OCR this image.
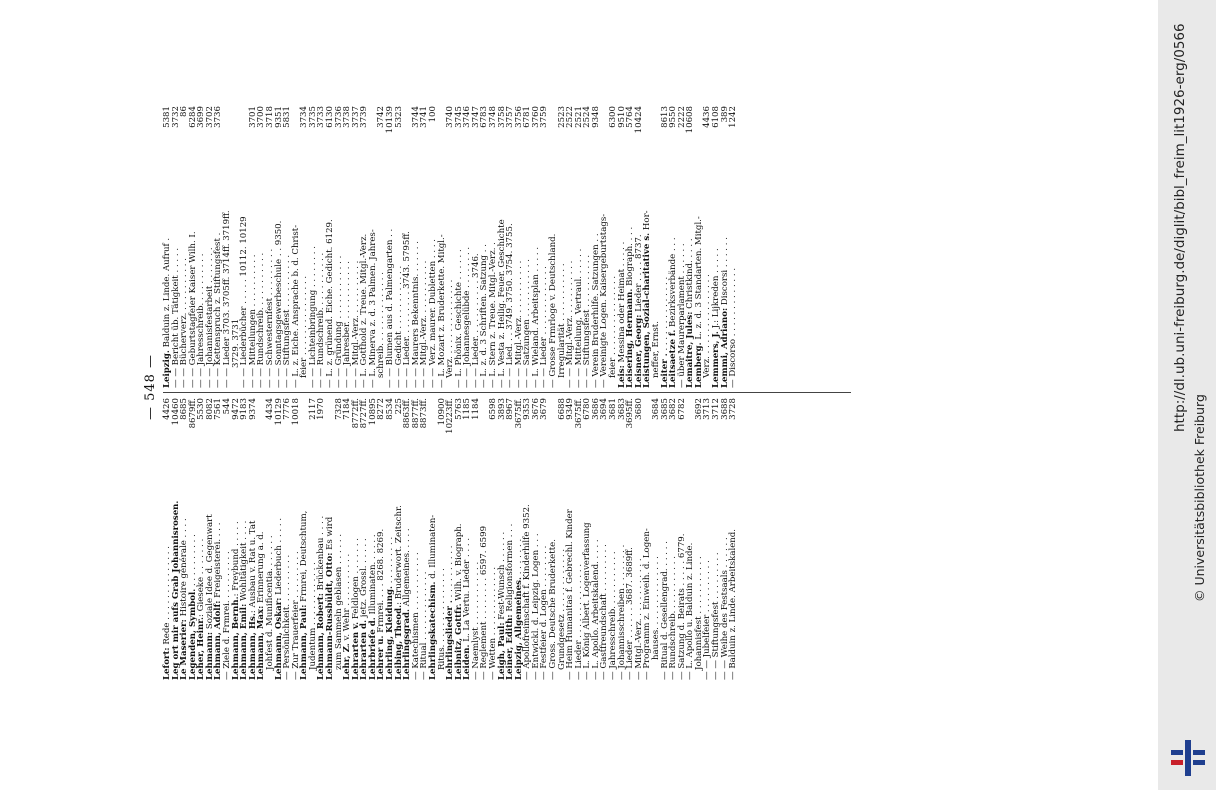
http://dl.ub.uni-freiburg.de/diglit/bibl_freim_lit1926-erg/0566
© Universitätsbibliothek Freiburg
— 548 —
Lefort: Rede . . . . . . . . . . . . . .
4426
Leg ort mir aufs Grab Johannisrosen.
10460
Le Maserier: Histoire générale . . . .
8685
Legenden, Symbol. . . . . . . . . . .
8679ff.
Leher, Heinr.: Gieseke . . . . . . .
5530
Lehmann: Soziale Idee d. Gegenwart
8082
Lehmann, Adolf: Freigeisterei. . . .
7561
— Ziele d. Frmrei. . . . . . . . . .
544
Lehmann, Bernh.: Freybund . . . . .
9472
Lehmann, Emil: Wohltätigkeit . . . .
9183
Lehmann, Hs.: Ausbau v. Rat u. Tat
9374
Lehmann, Max: Erinnerung a. d.
Johfest d. Munificentia. . . . . . .
4434
Lehmann, Oskar: Liederbuch . . . . .
10129
— Persönlichkeit. . . . . . . . . .
7776
— Zur Trauerfeier . . . . . . . . .
10018
Lehmann, Paul: Frmrei, Deutschtum,
Judentum . . . . . . . . . . . .
2117
Lehmann, Robert: Brückenbau . . . .
1970
Lehmann-Russbüldt, Otto: Es wird
zum Sammeln geblasen . . . . . .
7328
Lehr, Z. v. Wehr . . . . . . . . . .
7184
Lehrarten v. Feldlogen . . . . . . .
8772ff.
Lehrarten d. jetz. Grossl. . . . . .
8727ff.
Lehrbriefe d. Illuminaten. . . . . .
10895
Lehrer u. Frmrei. . . . 8268. 8269.
8272
Lehrling, Kleidung. . . . . . . . . .
8534
Leibing, Theod.: Bruderwort. Zeitschr.
225
Lehrlingsgrad. Allgemeines. . . . .
8863ff.
— Katechismen . . . . . . . . . . .
8877ff.
— Ritual . . . . . . . . . . . . .
8873ff.
Lehrlingskatechism. d. Illuminaten-
Ritus. . . . . . . . . . . . . . .
10900
Lehrlingslieder . . . . . . . . . . .
10223ff.
Leibnitz, Gottfr. Wilh. v. Biograph.
5763
Leiden. L. La Vertu. Lieder . . . .
1185
— Naemlyst . . . . . . . . . . . .
1184
— Reglement . . . . . . . . 6597. 6599
— Wetten . . . . . . . . . . . . .
6598
Leigh, Paul: Fest-Wunsch . . . . . .
3893
Leiner, Edith: Religionsformen . . .
8967
Leipzig, Allgemeines. . . . . . . .
3675ff.
— Apollofreimschaft f. Kinderhilfe 9352.
9353
— Entwickl. d. Leipzig. Logen . . .
3676
— Festfeier d. Logen . . . . . . . .
3679
— Gross. Deutsche Bruderkette.
Grundgesetz . . . . . . . . . . . .
6688
— Heim Humanitas f. Gebrechl. Kinder
9349
— Lieder . . . . . . . . . . . . . .
3675ff.
— L. König Albert. Logenverfassung
6780
— L. Apollo. Arbeitskalend. . . . .
3686
— Gastfreundschaft . . . . . . . . .
3694
— Jahresschreib. . . . . . . . . . .
3681
— Johannisschreiben . . . . . . . .
3683
— Lieder . . . . . . 3687. 3689ff.
3695ff.
— Mitgl.-Verz. . . . . . . . . . . .
3680
— Programm z. Einweih. d. Logen-
hauses. . . . . . . . . . . . . .
3684
— Ritual d. Gesellengrad. . . . . .
3685
— Rundschreib. . . . . . . . . . .
3682
— Satzung d. Beirats . . . . . 6779.
6782
— L. Apollo u. Balduin z. Linde.
Johannisfest . . . . . . . . . . .
3692
— — Jubelfeier . . . . . . . . . .
3713
— — Stiftungsfest . . . . . . . . .
3712
— — Weihe des Festsaals . . . . . .
3688
— Balduin z. Linde. Arbeitskalend.
3728
Leipzig. Balduin z. Linde. Aufruf .
5381
— — Bericht üb. Tätigkeit . . . . .
3732
— — Bücherverz. . . . . . . . . . .
86
— — Geburtstagfeier Kaiser Wilh. I.
6284
— — Jahresschreib. . . . . . . . . .
3699
— — Johannisfestarbeit . . . . . . .
3702
— — Kettenspruch z. Stiftungsfest .
3736
— — Lieder 3703. 3705ff. 3714ff. 3719ff.
3729. 3731
— — Liederbücher . . . . . 10112. 10129
— — Mitteilungen . . . . . . . . . .
3701
— — Rundschreib. . . . . . . . . . .
3700
— — Schwesternfest . . . . . . . . .
3718
— — Sonntagsgewerbeschule . . 9350.
9351
— — Stiftungsfest . . . . . . . . . .
5831
— L. z. Eiche. Ansprache b. d. Christ-
feier . . . . . . . . . . . . . . .
3734
— — Lichteinbringung . . . . . . . .
3735
— — Rundschreib. . . . . . . . . . .
3733
— L. z. grünend. Eiche. Gedicht. 6129.
6130
— — Gründung . . . . . . . . . . . .
3736
— — Jahresber. . . . . . . . . . . .
3738
— — Mitgl.-Verz. . . . . . . . . . .
3737
— L. Gotthold z. Treue. Mitgl.-Verz.
3739
— L. Minerva z. d. 3 Palmen. Jahres-
schreib. . . . . . . . . . . . . .
3742
— — Blumen aus d. Palmengarten . .
10139
— — Gedicht . . . . . . . . . . . .
5323
— — Lieder. . . . . . . . . 3743. 5795ff.
— — Maurers Bekenntnis. . . . . . .
3744
— — Mitgl.-Verz. . . . . . . . . . .
3741
— — Verz. maurer. Dubletten . . . .
100
— L. Mozart z. Bruderkette. Mitgl.-
Verz. . . . . . . . . . . . . . .
3740
— L. Phönix. Geschichte . . . . . .
3745
— — Johannesgelübde . . . . . . . .
3746
— — Lieder. . . . . . . . . . . 3746.
3747
— L. z. d. 3 Schriften. Satzung . .
6783
— L. Stern z. Treue. Mitgl.-Verz. .
3748
— L. Vesta z. Heilig. Feuer. Geschichte
3758
— — Lied. . . 3749. 3750. 3754. 3755.
3757
— — Mitgl.-Verz. . . . . . . . . . .
3756
— — Satzungen . . . . . . . . . . .
6781
— L. Wieland. Arbeitsplan . . . . .
3760
— — Lieder . . . . . . . . . . . . .
3759
— Grosse Frmrloge v. Deutschland.
Irregularität . . . . . . . . . . .
2523
— — Mitgl.-Verz. . . . . . . . . . .
2522
— — Mitteilung, Vertraul. . . . . .
2521
— — Stiftungsfest . . . . . . . . . .
2524
— Verein Bruderhilfe. Satzungen . .
9348
— Vereinigte Logen. Kaisergeburtstags-
feier . . . . . . . . . . . . . . .
6300
Leis: Messina oder Heimat . . . . .
9510
Leisering, Hermann. Biograph. . . .
5764
Leisner, Georg: Lieder . . . . 8737.
10424
Leistungen, Sozial-charitative s. Hor-
neffer, Ernst.
Leiter . . . . . . . . . . . . . . .
8613
Leitsaetze f. Bezirksverbände . . .
9550
— über Maurerparlament . . . . . .
2222
Lemaitre, Jules: Christkind. . . . .
10608
Lemberg. L. z. d. 3 Standarten. Mitgl.-
Verz. . . . . . . . . . . . . . . .
4436
Lemmers, J. J.: Lijkreden . . . . .
6108
Lemmi, Adriano: Discorsi . . . . . .
389
— Discorso . . . . . . . . . . . . .
1242
